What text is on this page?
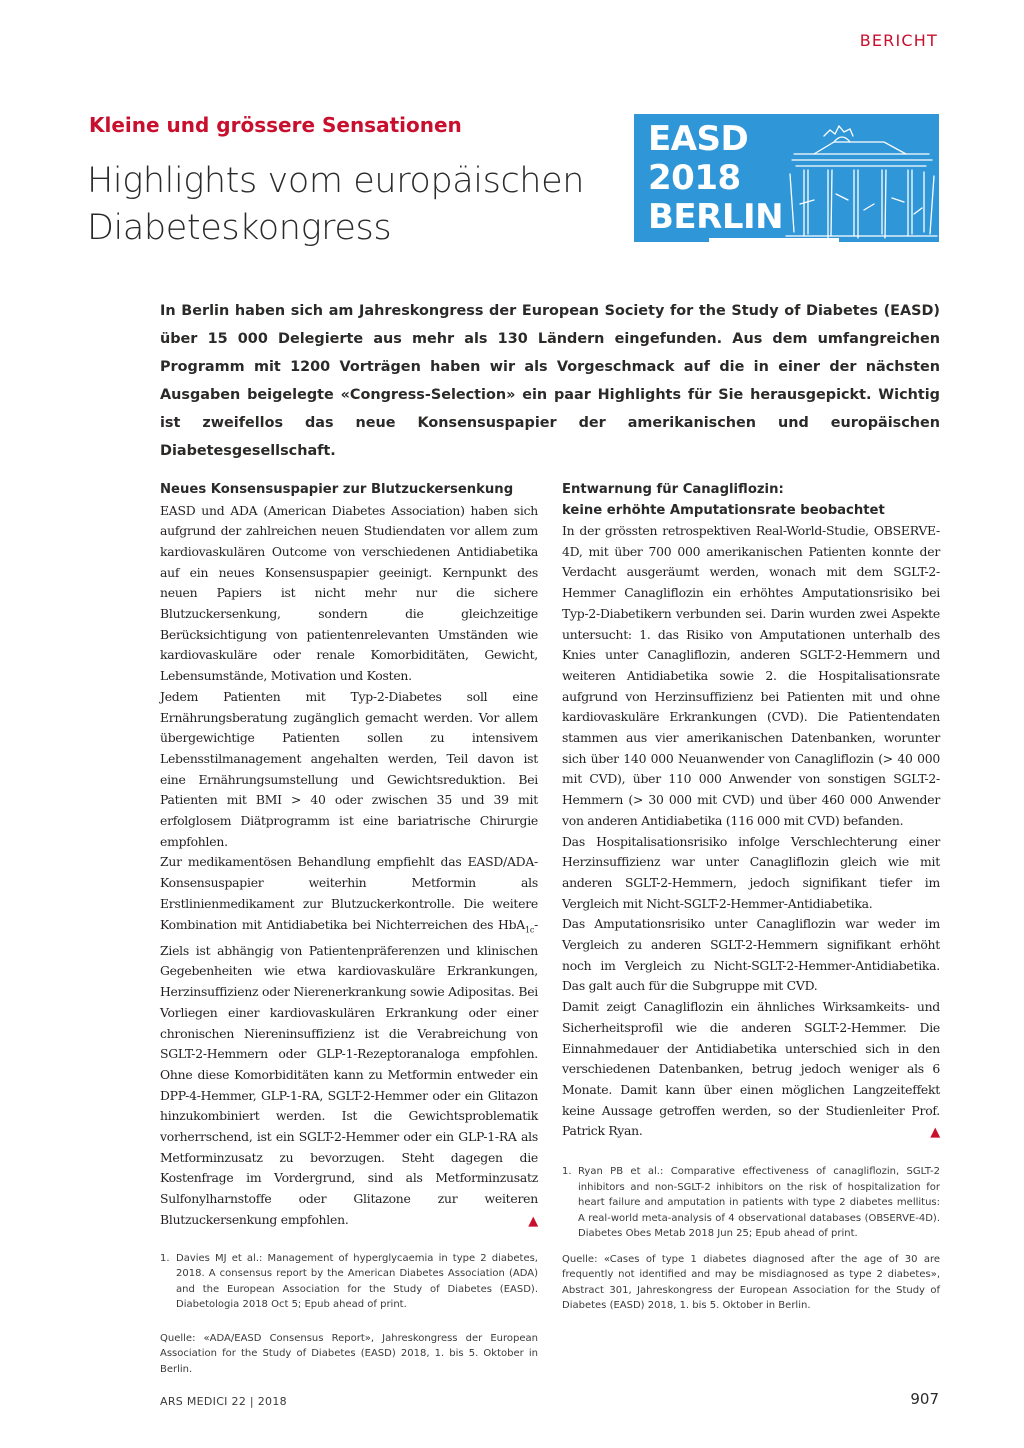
BERICHT
Kleine und grössere Sensationen
Highlights vom europäischen Diabeteskongress
EASD
2018
BERLIN
In Berlin haben sich am Jahreskongress der European Society for the Study of Diabetes (EASD) über 15 000 Delegierte aus mehr als 130 Ländern eingefunden. Aus dem umfangreichen Programm mit 1200 Vorträgen haben wir als Vorgeschmack auf die in einer der nächsten Ausgaben beigelegte «Congress-Selection» ein paar Highlights für Sie herausgepickt. Wichtig ist zweifellos das neue Konsensuspapier der amerikanischen und europäischen Diabetesgesellschaft.
Neues Konsensuspapier zur Blutzuckersenkung

EASD und ADA (American Diabetes Association) haben sich aufgrund der zahlreichen neuen Studiendaten vor allem zum kardiovaskulären Outcome von verschiedenen Antidiabetika auf ein neues Konsensuspapier geeinigt. Kernpunkt des neuen Papiers ist nicht mehr nur die sichere Blutzuckersenkung, sondern die gleichzeitige Berücksichtigung von patientenrelevanten Umständen wie kardiovaskuläre oder renale Komorbiditäten, Gewicht, Lebensumstände, Motivation und Kosten.

Jedem Patienten mit Typ-2-Diabetes soll eine Ernährungsberatung zugänglich gemacht werden. Vor allem übergewichtige Patienten sollen zu intensivem Lebensstilmanagement angehalten werden, Teil davon ist eine Ernährungsumstellung und Gewichtsreduktion. Bei Patienten mit BMI > 40 oder zwischen 35 und 39 mit erfolglosem Diätprogramm ist eine bariatrische Chirurgie empfohlen.

Zur medikamentösen Behandlung empfiehlt das EASD/ADA-Konsensuspapier weiterhin Metformin als Erstlinienmedikament zur Blutzuckerkontrolle. Die weitere Kombination mit Antidiabetika bei Nichterreichen des HbA$_{1c}$-Ziels ist abhängig von Patientenpräferenzen und klinischen Gegebenheiten wie etwa kardiovaskuläre Erkrankungen, Herzinsuffizienz oder Nierenerkrankung sowie Adipositas. Bei Vorliegen einer kardiovaskulären Erkrankung oder einer chronischen Niereninsuffizienz ist die Verabreichung von SGLT-2-Hemmern oder GLP-1-Rezeptoranaloga empfohlen. Ohne diese Komorbiditäten kann zu Metformin entweder ein DPP-4-Hemmer, GLP-1-RA, SGLT-2-Hemmer oder ein Glitazon hinzukombiniert werden. Ist die Gewichtsproblematik vorherrschend, ist ein SGLT-2-Hemmer oder ein GLP-1-RA als Metforminzusatz zu bevorzugen. Steht dagegen die Kostenfrage im Vordergrund, sind als Metforminzusatz Sulfonylharnstoffe oder Glitazone zur weiteren Blutzuckersenkung empfohlen.	▲

1. Davies MJ et al.: Management of hyperglycaemia in type 2 diabetes, 2018. A consensus report by the American Diabetes Association (ADA) and the European Association for the Study of Diabetes (EASD). Diabetologia 2018 Oct 5; Epub ahead of print.
Quelle: «ADA/EASD Consensus Report», Jahreskongress der European Association for the Study of Diabetes (EASD) 2018, 1. bis 5. Oktober in Berlin.
Entwarnung für Canagliflozin:
keine erhöhte Amputationsrate beobachtet

In der grössten retrospektiven Real-World-Studie, OBSERVE-4D, mit über 700 000 amerikanischen Patienten konnte der Verdacht ausgeräumt werden, wonach mit dem SGLT-2-Hemmer Canagliflozin ein erhöhtes Amputationsrisiko bei Typ-2-Diabetikern verbunden sei. Darin wurden zwei Aspekte untersucht: 1. das Risiko von Amputationen unterhalb des Knies unter Canagliflozin, anderen SGLT-2-Hemmern und weiteren Antidiabetika sowie 2. die Hospitalisationsrate aufgrund von Herzinsuffizienz bei Patienten mit und ohne kardiovaskuläre Erkrankungen (CVD). Die Patientendaten stammen aus vier amerikanischen Datenbanken, worunter sich über 140 000 Neuanwender von Canagliflozin (> 40 000 mit CVD), über 110 000 Anwender von sonstigen SGLT-2-Hemmern (> 30 000 mit CVD) und über 460 000 Anwender von anderen Antidiabetika (116 000 mit CVD) befanden.

Das Hospitalisationsrisiko infolge Verschlechterung einer Herzinsuffizienz war unter Canagliflozin gleich wie mit anderen SGLT-2-Hemmern, jedoch signifikant tiefer im Vergleich mit Nicht-SGLT-2-Hemmer-Antidiabetika.

Das Amputationsrisiko unter Canagliflozin war weder im Vergleich zu anderen SGLT-2-Hemmern signifikant erhöht noch im Vergleich zu Nicht-SGLT-2-Hemmer-Antidiabetika. Das galt auch für die Subgruppe mit CVD.

Damit zeigt Canagliflozin ein ähnliches Wirksamkeits- und Sicherheitsprofil wie die anderen SGLT-2-Hemmer. Die Einnahmedauer der Antidiabetika unterschied sich in den verschiedenen Datenbanken, betrug jedoch weniger als 6 Monate. Damit kann über einen möglichen Langzeiteffekt keine Aussage getroffen werden, so der Studienleiter Prof. Patrick Ryan.	▲

1. Ryan PB et al.: Comparative effectiveness of canagliflozin, SGLT-2 inhibitors and non-SGLT-2 inhibitors on the risk of hospitalization for heart failure and amputation in patients with type 2 diabetes mellitus: A real-world meta-analysis of 4 observational databases (OBSERVE-4D). Diabetes Obes Metab 2018 Jun 25; Epub ahead of print.
Quelle: «Cases of type 1 diabetes diagnosed after the age of 30 are frequently not identified and may be misdiagnosed as type 2 diabetes», Abstract 301, Jahreskongress der European Association for the Study of Diabetes (EASD) 2018, 1. bis 5. Oktober in Berlin.
ARS MEDICI 22 | 2018	907
